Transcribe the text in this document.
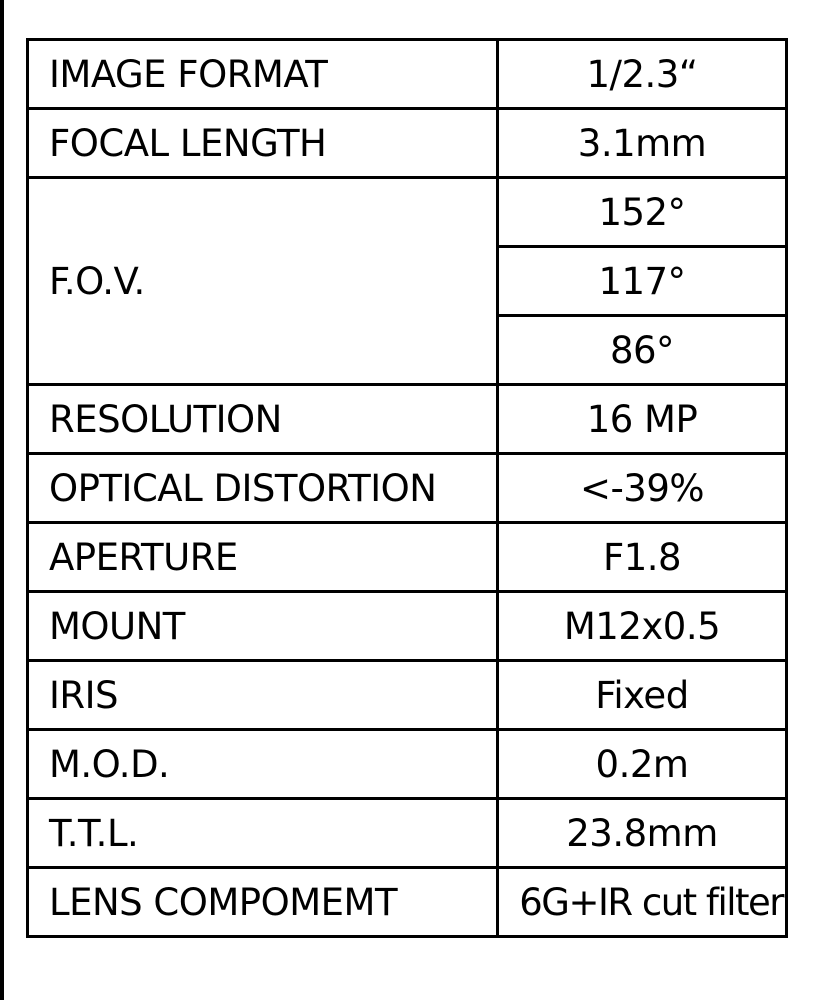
IMAGE FORMAT	1/2.3“
FOCAL LENGTH	3.1mm
F.O.V.	152°
	117°
	86°
RESOLUTION	16 MP
OPTICAL DISTORTION	<-39%
APERTURE	F1.8
MOUNT	M12x0.5
IRIS	Fixed
M.O.D.	0.2m
T.T.L.	23.8mm
LENS COMPOMEMT	6G+IR cut filter
